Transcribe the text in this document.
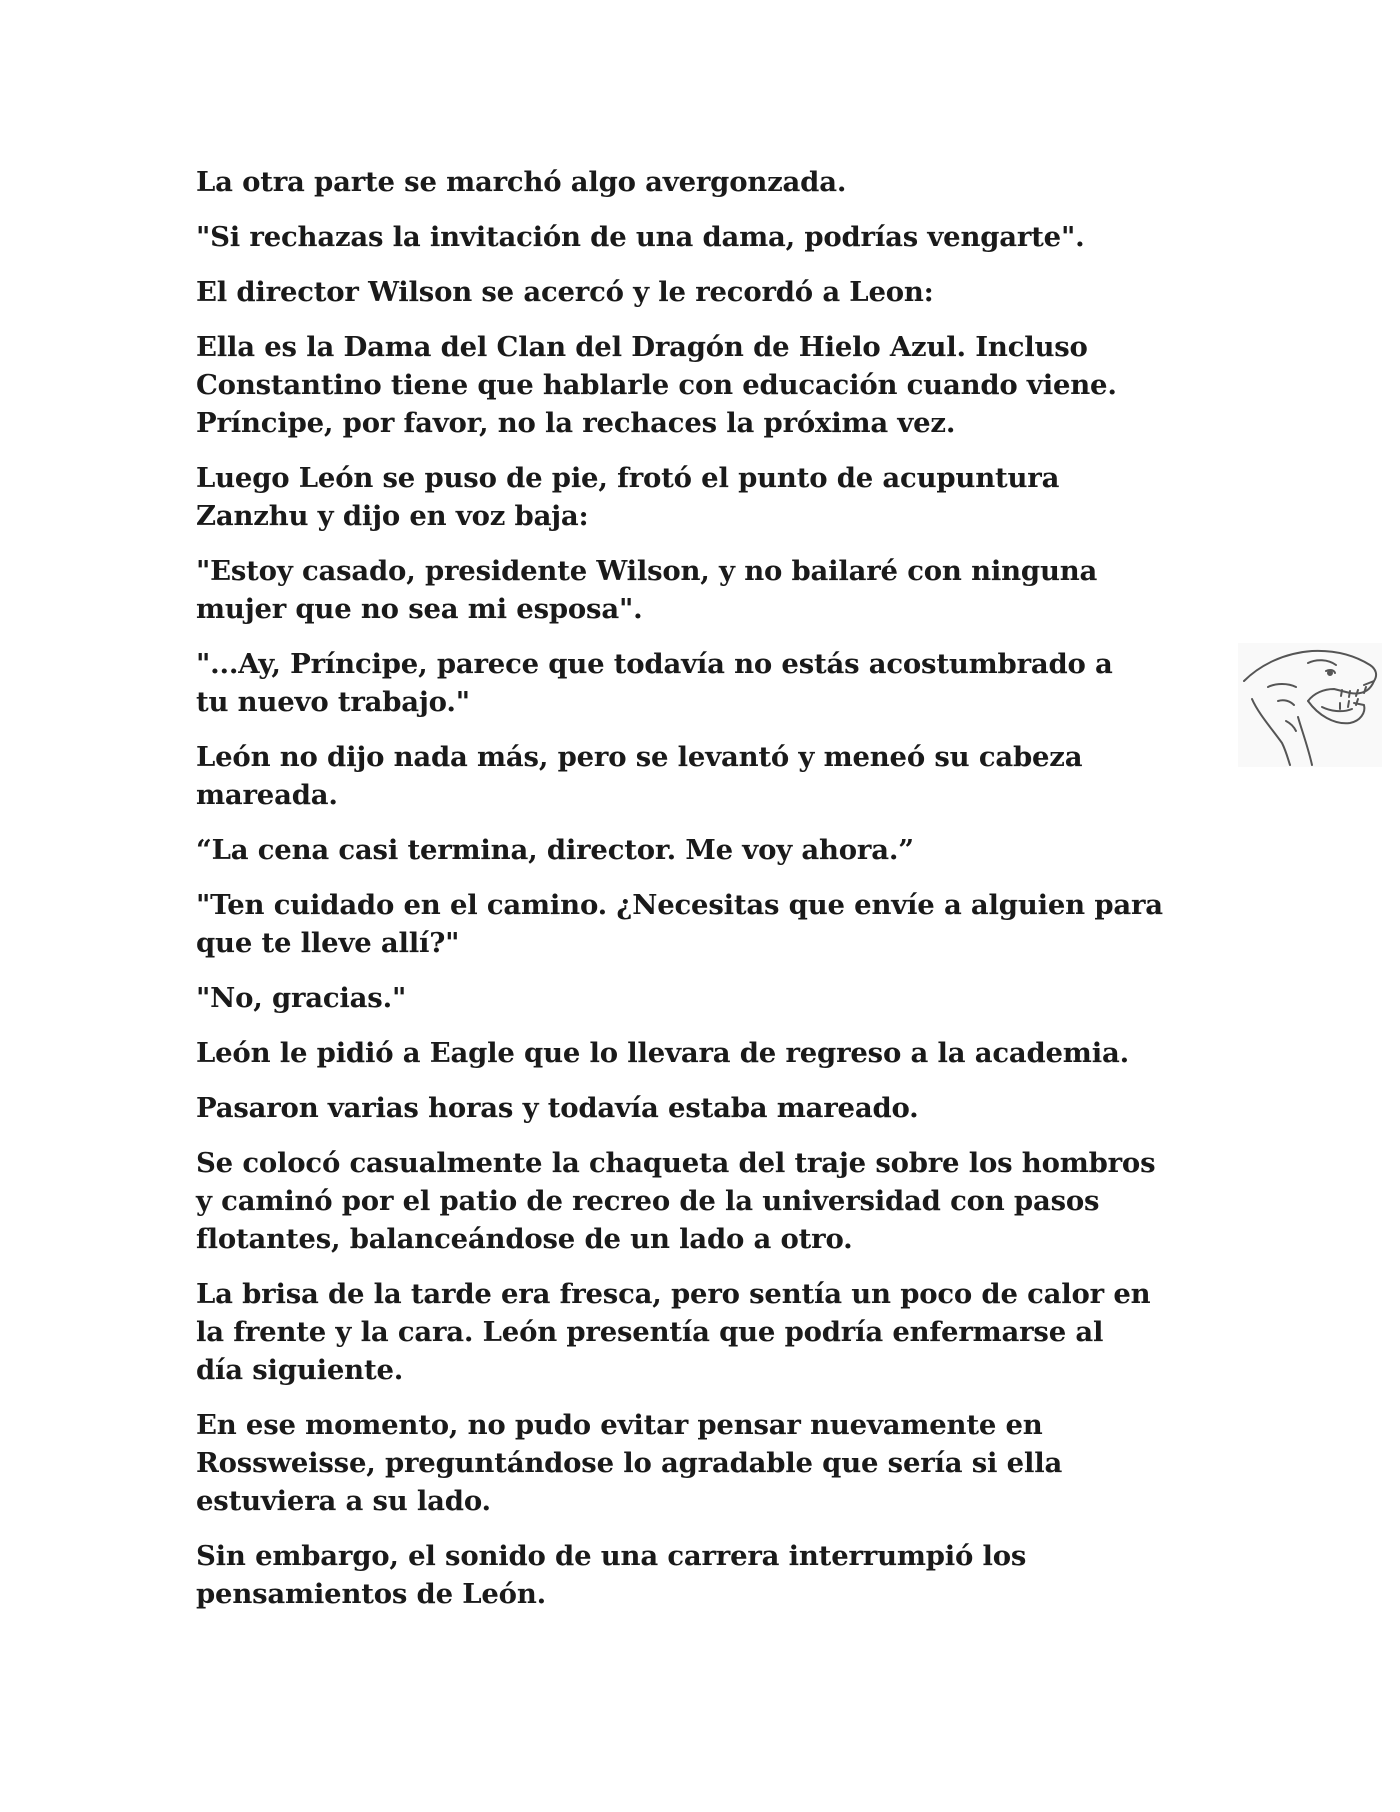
La otra parte se marchó algo avergonzada.

"Si rechazas la invitación de una dama, podrías vengarte".

El director Wilson se acercó y le recordó a Leon:

Ella es la Dama del Clan del Dragón de Hielo Azul. Incluso
Constantino tiene que hablarle con educación cuando viene.
Príncipe, por favor, no la rechaces la próxima vez.

Luego León se puso de pie, frotó el punto de acupuntura
Zanzhu y dijo en voz baja:

"Estoy casado, presidente Wilson, y no bailaré con ninguna
mujer que no sea mi esposa".

"...Ay, Príncipe, parece que todavía no estás acostumbrado a
tu nuevo trabajo."

León no dijo nada más, pero se levantó y meneó su cabeza
mareada.

“La cena casi termina, director. Me voy ahora.”

"Ten cuidado en el camino. ¿Necesitas que envíe a alguien para
que te lleve allí?"

"No, gracias."

León le pidió a Eagle que lo llevara de regreso a la academia.

Pasaron varias horas y todavía estaba mareado.

Se colocó casualmente la chaqueta del traje sobre los hombros
y caminó por el patio de recreo de la universidad con pasos
flotantes, balanceándose de un lado a otro.

La brisa de la tarde era fresca, pero sentía un poco de calor en
la frente y la cara. León presentía que podría enfermarse al
día siguiente.

En ese momento, no pudo evitar pensar nuevamente en
Rossweisse, preguntándose lo agradable que sería si ella
estuviera a su lado.

Sin embargo, el sonido de una carrera interrumpió los
pensamientos de León.
